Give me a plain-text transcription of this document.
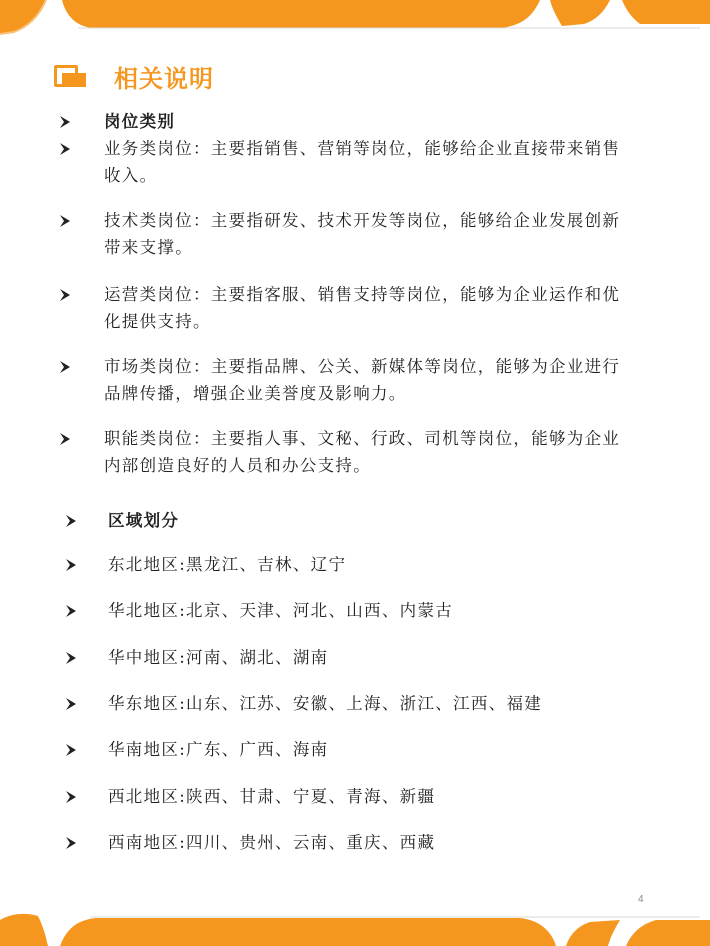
相关说明
岗位类别
业务类岗位：主要指销售、营销等岗位，能够给企业直接带来销售收入。
技术类岗位：主要指研发、技术开发等岗位，能够给企业发展创新带来支撑。
运营类岗位：主要指客服、销售支持等岗位，能够为企业运作和优化提供支持。
市场类岗位：主要指品牌、公关、新媒体等岗位，能够为企业进行品牌传播，增强企业美誉度及影响力。
职能类岗位：主要指人事、文秘、行政、司机等岗位，能够为企业内部创造良好的人员和办公支持。
区域划分
东北地区:黑龙江、吉林、辽宁
华北地区:北京、天津、河北、山西、内蒙古
华中地区:河南、湖北、湖南
华东地区:山东、江苏、安徽、上海、浙江、江西、福建
华南地区:广东、广西、海南
西北地区:陕西、甘肃、宁夏、青海、新疆
西南地区:四川、贵州、云南、重庆、西藏
4
